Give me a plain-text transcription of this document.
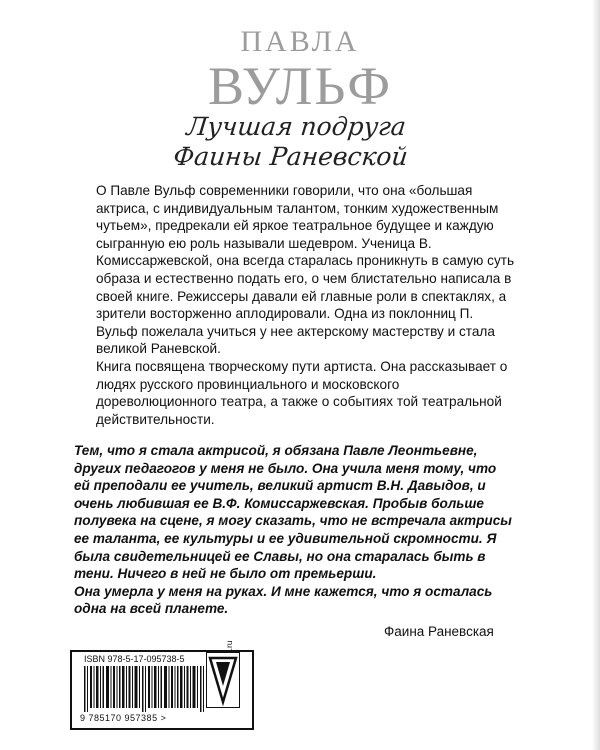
ПАВЛА
ВУЛЬФ
Лучшая подруга
Фаины Раневской

О Павле Вульф современники говорили, что она «большая актриса, с индивидуальным талантом, тонким художественным чутьем», предрекали ей яркое театральное будущее и каждую сыгранную ею роль называли шедевром. Ученица В. Комиссаржевской, она всегда старалась проникнуть в самую суть образа и естественно подать его, о чем блистательно написала в своей книге. Режиссеры давали ей главные роли в спектаклях, а зрители восторженно аплодировали. Одна из поклонниц П. Вульф пожелала учиться у нее актерскому мастерству и стала великой Раневской.

Книга посвящена творческому пути артиста. Она рассказывает о людях русского провинциального и московского дореволюционного театра, а также о событиях той театральной действительности.

Тем, что я стала актрисой, я обязана Павле Леонтьевне, других педагогов у меня не было. Она учила меня тому, что ей преподали ее учитель, великий артист В.Н. Давыдов, и очень любившая ее В.Ф. Комиссаржевская. Пробыв больше полувека на сцене, я могу сказать, что не встречала актрисы ее таланта, ее культуры и ее удивительной скромности. Я была свидетельницей ее Славы, но она старалась быть в тени. Ничего в ней не было от премьерши.

Она умерла у меня на руках. И мне кажется, что я осталась одна на всей планете.

Фаина Раневская
ISBN 978-5-17-095738-5
9 785170 957385 >
